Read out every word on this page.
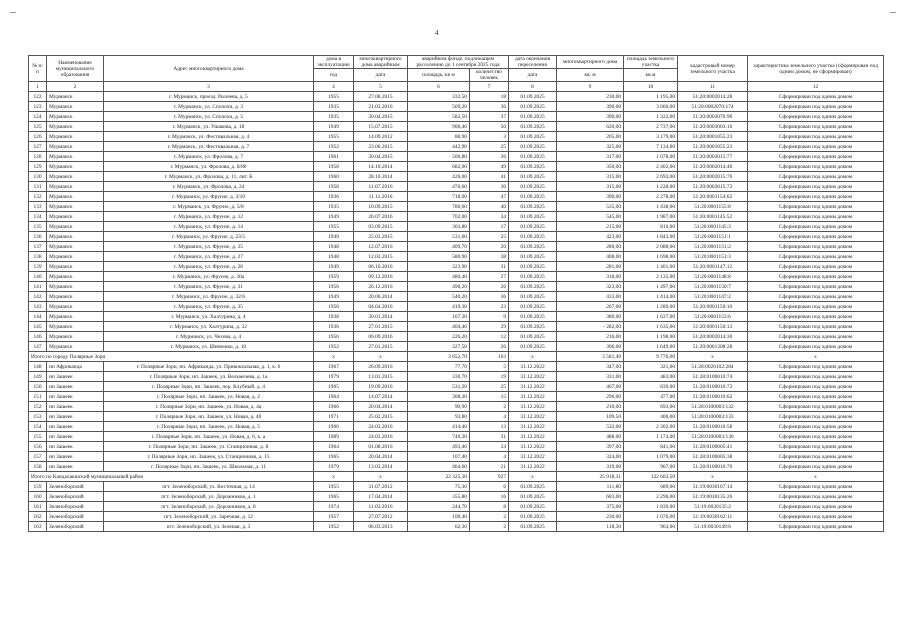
4
№ п/п	Наименование муниципального образования	Адрес многоквартирного дома	дома в эксплуатацию	многоквартирного дома аварийным	аварийном фонде, подлежащем расселению до 1 сентября 2025 года		дата окончания переселения	многоквартирного дома	площадь земельного участка	кадастровый номер земельного участка	характеристика земельного участка (сформирован под одним домом, не сформирован)
			год	дата	площадь, кв м	количество человек	дата	кв. м	кв.м		
1	2	3	4	5	6	7	8	9	10	11	12
122	Мурманск	г. Мурманск, проезд. Рылеева, д. 5	1955	27.08.2015	332,50	18	01.09.2025	230,00	1 195,00	51:20:0002014:28	Сформирован под одним домом
123	Мурманск	г. Мурманск, ул. Сполохи, д. 3	1935	21.03.2016	569,20	36	01.09.2025	390,00	3 660,00	51:20:0002070:174	Сформирован под одним домом
124	Мурманск	г. Мурманск, ул. Сполохи, д. 5	1935	30.04.2015	582,50	37	01.09.2025	390,00	1 322,00	51:20:0002070:90	Сформирован под одним домом
125	Мурманск	г. Мурманск, ул. Ушакова, д. 18	1949	15.07.2015	906,40	50	01.09.2025	620,00	2 737,00	51:20:0003003:16	Сформирован под одним домом
126	Мурманск	г. Мурманск, ул. Фестивальная, д. 4	1955	14.09.2012	88,90	3	01.09.2025	205,00	3 179,00	51:20:0001055:23	Сформирован под одним домом
127	Мурманск	г. Мурманск, ул. Фестивальная, д. 7	1952	23.06.2015	442,90	25	01.09.2025	325,00	7 134,00	51:20:0001055:23	Сформирован под одним домом
128	Мурманск	г. Мурманск, ул. Фролова, д. 7	1961	30.04.2015	500,80	36	01.09.2025	317,00	1 078,00	51:20:0002015:77	Сформирован под одним домом
129	Мурманск	г. Мурманск, ул. Фролова, д. 8/80	1958	14.10.2014	682,00	49	01.09.2025	350,00	2 402,00	51:20:0002014:46	Сформирован под одним домом
130	Мурманск	г. Мурманск, ул. Фролова, д. 11, лит. Б	1960	28.10.2014	426,00	41	01.09.2025	315,00	2 693,00	51:20:0002015:76	Сформирован под одним домом
131	Мурманск	г. Мурманск, ул. Фролова, д. 24	1958	11.07.2016	476,60	30	01.09.2025	315,00	1 228,00	51:20:0002015:72	Сформирован под одним домом
132	Мурманск	г. Мурманск, ул. Фрунзе, д. 3/10	1936	11.11.2016	718,00	47	01.09.2025	390,00	2 278,00	51:20:0001154:62	Сформирован под одним домом
133	Мурманск	г. Мурманск, ул. Фрунзе, д. 5/8	1935	10.09.2015	786,60	40	01.09.2025	535,00	1 438,00	51:20:0001155:8	Сформирован под одним домом
134	Мурманск	г. Мурманск, ул. Фрунзе, д. 12	1949	26.07.2016	702,00	34	01.09.2025	545,00	1 987,00	51:20:0001145:52	Сформирован под одним домом
135	Мурманск	г. Мурманск, ул. Фрунзе, д. 14	1955	03.09.2015	303,80	17	01.09.2025	215,00	816,00	51:20:0001145:3	Сформирован под одним домом
136	Мурманск	г. Мурманск, ул. Фрунзе, д. 23/5	1949	25.03.2015	531,60	25	01.09.2025	423,00	1 843,00	51:20:0001151:1	Сформирован под одним домом
137	Мурманск	г. Мурманск, ул. Фрунзе, д. 25	1948	12.07.2016	409,70	20	01.09.2025	280,00	2 088,00	51:20:0001151:2	Сформирован под одним домом
138	Мурманск	г. Мурманск, ул. Фрунзе, д. 27	1948	12.03.2015	580,90	38	01.09.2025	408,00	1 698,00	51:20:0001151:3	Сформирован под одним домом
139	Мурманск	г. Мурманск, ул. Фрунзе, д. 28	1949	06.10.2016	323,90	31	01.09.2025	281,00	1 401,00	51:20:0001147:12	Сформирован под одним домом
140	Мурманск	г. Мурманск, ул. Фрунзе, д. 30а	1959	09.12.2016	480,40	27	01.09.2025	318,00	2 135,00	51:20:0001148:8	Сформирован под одним домом
141	Мурманск	г. Мурманск, ул. Фрунзе, д. 31	1956	26.12.2016	490,20	26	01.09.2025	323,00	1 497,00	51:20:0001150:7	Сформирован под одним домом
142	Мурманск	г. Мурманск, ул. Фрунзе, д. 32/6	1949	20.06.2014	540,20	36	01.09.2025	433,00	1 414,00	51:20:0001147:2	Сформирован под одним домом
143	Мурманск	г. Мурманск, ул. Фрунзе, д. 35	1956	04.04.2016	419,30	23	01.09.2025	267,00	1 289,00	51:20:0001150:10	Сформирован под одним домом
144	Мурманск	г. Мурманск, ул. Халтурина, д. 4	1938	30.01.2014	167,30	9	01.09.2025	380,00	1 637,00	51:20:0001153:6	Сформирован под одним домом
145	Мурманск	г. Мурманск, ул. Халтурина, д. 32	1936	27.01.2015	404,40	29	01.09.2025	- 282,00	1 635,00	51:20:0001150:13	Сформирован под одним домом
146	Мурманск	г. Мурманск, ул. Чехова, д. 4	1956	06.09.2016	226,20	12	01.09.2025	216,00	1 198,00	51:20:0002014:30	Сформирован под одним домом
147	Мурманск	г. Мурманск, ул. Шевченко, д. 10	1952	27.01.2015	327,50	26	01.09.2025	306,00	1 649,00	51:20:0001308:28	Сформирован под одним домом
Итого по городу Полярные Зори			x	x	3 652,70	163	x	3 581,40	9 776,00	x	x
148	нп Африканда	г. Полярные Зори, нп. Африканда, ул. Привокзальная, д. 1, к. 6	1967	26.09.2016	77,70	5	31.12.2022	347,00	321,00	51:28:0020102:284	Сформирован под одним домом
149	нп Зашеек	г. Полярные Зори, нп. Зашеек, ул. Вельмезева, д. 1а	1979	13.01.2015	330,70	19	31.12.2022	331,00	483,00	51:28:0100010:74	Сформирован под одним домом
150	нп Зашеек	г. Полярные Зори, нп. Зашеек, пер. Клубный, д. 4	1965	19.09.2016	531,20	25	31.12.2022	467,00	839,00	51:28:0100010:72	Сформирован под одним домом
151	нп Зашеек	г. Полярные Зори, нп. Зашеек, ул. Новая, д. 2	1964	14.07.2014	308,30	15	31.12.2022	296,00	477,00	51:28:0100010:62	Сформирован под одним домом
152	нп Зашеек	г. Полярные Зори, нп. Зашеек, ул. Новая, д. 4а	1966	20.04.2014	90,90	2	31.12.2022	210,00	693,00	51:28:0100003:132	Сформирован под одним домом
153	нп Зашеек	г. Полярные Зори, нп. Зашеек, ул. Новая, д. 4б	1971	25.02.2015	93,80	4	31.12.2022	109,50	400,00	51:28:0100003:133	Сформирован под одним домом
154	нп Зашеек	г. Полярные Зори, нп. Зашеек, ул. Новая, д. 5	1966	24.03.2016	414,40	13	31.12.2022	532,00	2 302,00	51:28:0100010:58	Сформирован под одним домом
155	нп Зашеек	г. Полярные Зори, нп. Зашеек, ул. Новая, д. 6, к. а	1989	24.03.2016	740,30	31	31.12.2022	488,00	1 174,00	51:28:0100003:130	Сформирован под одним домом
156	нп Зашеек	г. Полярные Зори, нп. Зашеек, ул. Станционная, д. 8	1964	01.08.2016	493,40	24	31.12.2022	397,00	841,00	51:28:0100005:41	Сформирован под одним домом
157	нп Зашеек	г. Полярные Зори, нп. Зашеек, ул. Станционная, д. 15	1965	20.04.2014	107,40	4	31.12.2022	324,00	1 079,00	51:28:0100005:38	Сформирован под одним домом
158	нп Зашеек	г. Полярные Зори, нп. Зашеек, ул. Школьная, д. 11	1979	13.03.2014	464,60	21	31.12.2022	319,00	967,00	51:28:0100010:70	Сформирован под одним домом
Итого по Кандалакшский муниципальный район			x	x	22 325,30	927	x	25 918,31	122 603,50	x	x
159	Зеленоборский	пгт. Зеленоборский, ул. Восточная, д. 14	1955	31.07.2012	75,30	6	01.09.2025	111,80	689,00	51:19:0030167:14	Сформирован под одним домом
160	Зеленоборский	пгт. Зеленоборский, ул. Дорожников, д. 1	1965	17.04.2014	355,80	16	01.09.2025	683,00	2 296,00	51:19:0030135:26	Сформирован под одним домом
161	Зеленоборский	пгт. Зеленоборский, ул. Дорожников, д. 8	1974	11.03.2016	244,70	8	01.09.2025	375,00	1 839,00	51:19:0030135:2	Сформирован под одним домом
162	Зеленоборский	пгт. Зеленоборский, ул. Заречная, д. 12	1957	27.07.2012	100,40	2	01.09.2025	230,00	1 076,00	51:19:0030162:11	Сформирован под одним домом
163	Зеленоборский	пгт. Зеленоборский, ул. Зеленая, д. 3	1952	06.03.2013	62,30	2	01.09.2025	118,30	963,00	51:19:0030149:6	Сформирован под одним домом
